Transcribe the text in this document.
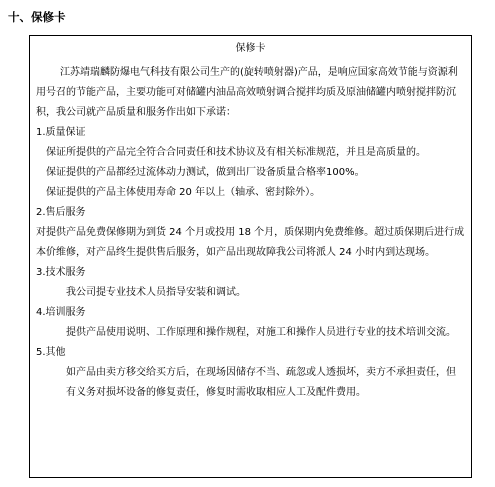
十、保修卡
保修卡
江苏靖瑞麟防爆电气科技有限公司生产的(旋转喷射器)产品，是响应国家高效节能与资源利用号召的节能产品，主要功能可对储罐内油品高效喷射调合搅拌均质及原油储罐内喷射搅拌防沉积，我公司就产品质量和服务作出如下承诺：
1.质量保证
保证所提供的产品完全符合合同责任和技术协议及有相关标准规范，并且是高质量的。
保证提供的产品都经过流体动力测试，做到出厂设备质量合格率100%。
保证提供的产品主体使用寿命 20 年以上（轴承、密封除外）。
2.售后服务
对提供产品免费保修期为到货 24 个月或投用 18 个月，质保期内免费维修。超过质保期后进行成本价维修，对产品终生提供售后服务，如产品出现故障我公司将派人 24 小时内到达现场。
3.技术服务
我公司提专业技术人员指导安装和调试。
4.培训服务
提供产品使用说明、工作原理和操作规程，对施工和操作人员进行专业的技术培训交流。
5.其他
如产品由卖方移交给买方后，在现场因储存不当、疏忽或人透损坏，卖方不承担责任，但有义务对损坏设备的修复责任，修复时需收取相应人工及配件费用。
